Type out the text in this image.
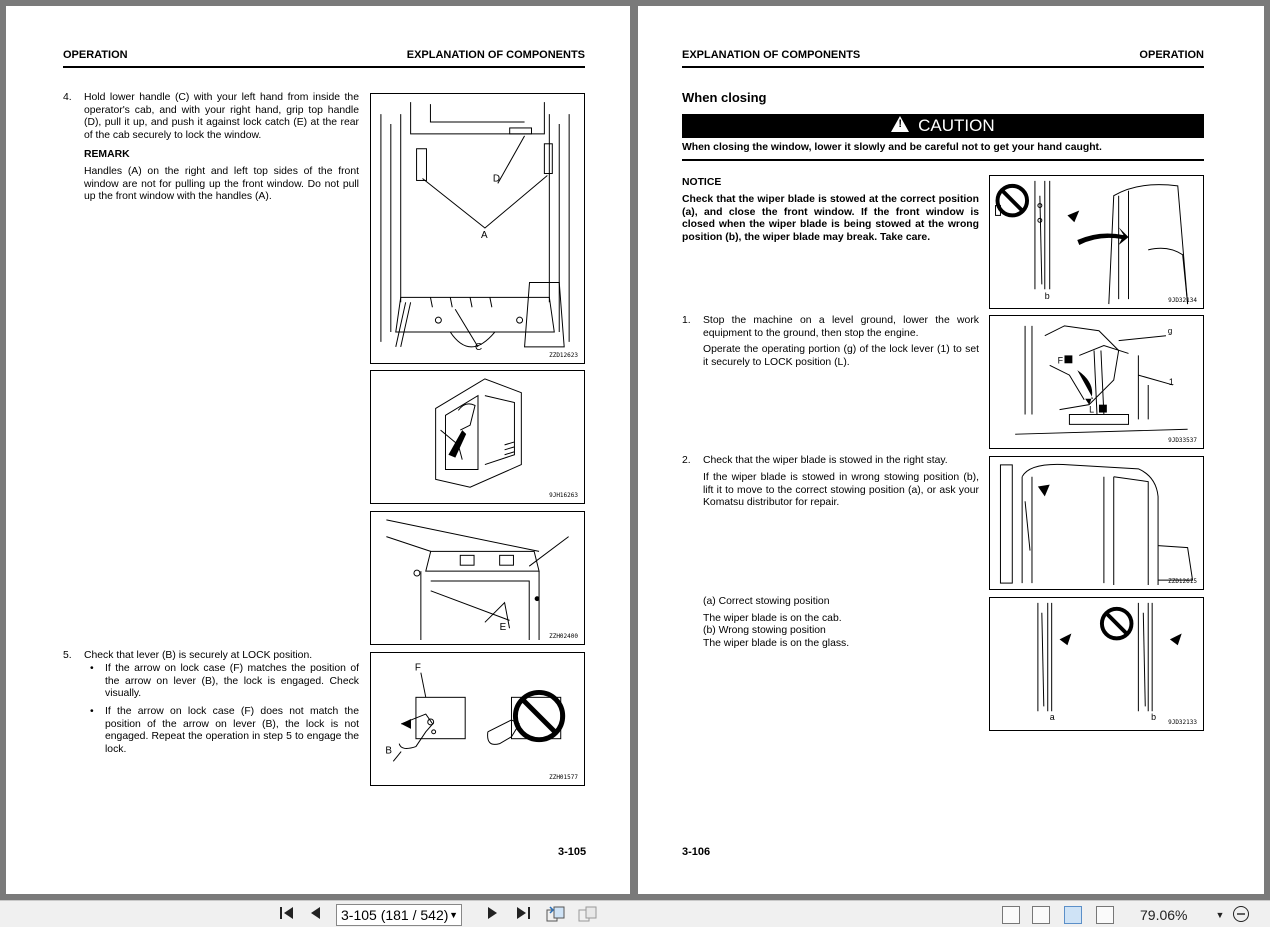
OPERATION	EXPLANATION OF COMPONENTS
4. Hold lower handle (C) with your left hand from inside the operator's cab, and with your right hand, grip top handle (D), pull it up, and push it against lock catch (E) at the rear of the cab securely to lock the window.
REMARK
Handles (A) on the right and left top sides of the front window are not for pulling up the front window. Do not pull up the front window with the handles (A).
5. Check that lever (B) is securely at LOCK position.
• If the arrow on lock case (F) matches the position of the arrow on lever (B), the lock is engaged. Check visually.
• If the arrow on lock case (F) does not match the position of the arrow on lever (B), the lock is not engaged. Repeat the operation in step 5 to engage the lock.
A
D
C
ZZD12623
9JH16263
E
ZZH02400
F
B
ZZH01577
3-105
EXPLANATION OF COMPONENTS	OPERATION
When closing
! CAUTION
When closing the window, lower it slowly and be careful not to get your hand caught.
NOTICE
Check that the wiper blade is stowed at the correct position (a), and close the front window. If the front window is closed when the wiper blade is being stowed at the wrong position (b), the wiper blade may break. Take care.
1. Stop the machine on a level ground, lower the work equipment to the ground, then stop the engine.
Operate the operating portion (g) of the lock lever (1) to set it securely to LOCK position (L).
2. Check that the wiper blade is stowed in the right stay.
If the wiper blade is stowed in wrong stowing position (b), lift it to move to the correct stowing position (a), or ask your Komatsu distributor for repair.
(a) Correct stowing position
The wiper blade is on the cab.
(b) Wrong stowing position
The wiper blade is on the glass.
b	9JD32134
F
L
g
1
9JD33537
ZZD12615
a	b
9JD32133
3-106
3-105 (181 / 542) ▼	79.06%	▼
